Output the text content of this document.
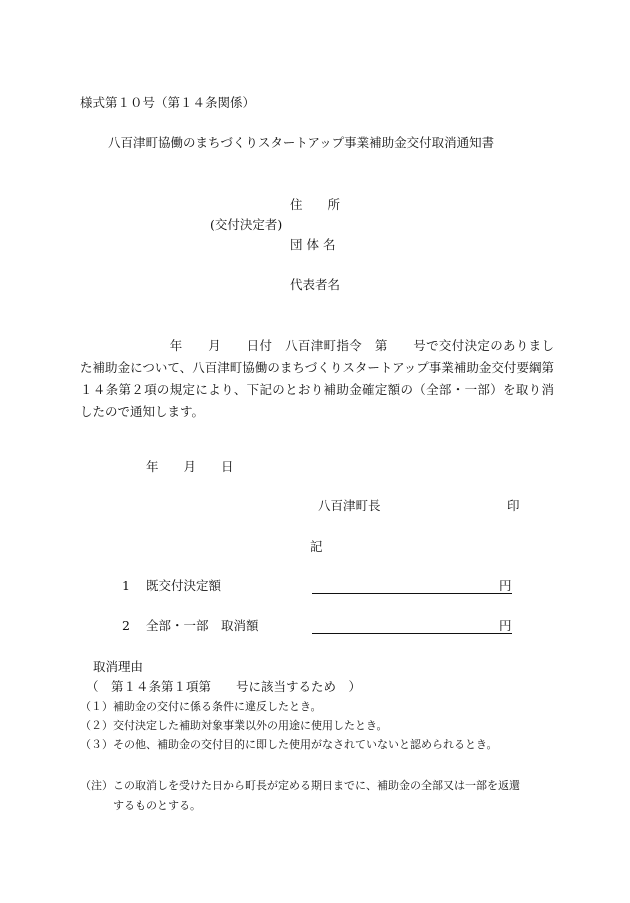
様式第１０号（第１４条関係）
八百津町協働のまちづくりスタートアップ事業補助金交付取消通知書
住　　所
(交付決定者)
団 体 名
代表者名
　　　　　　　年　　月　　日付　八百津町指令　第　　号で交付決定のありました補助金について、八百津町協働のまちづくりスタートアップ事業補助金交付要綱第１４条第２項の規定により、下記のとおり補助金確定額の（全部・一部）を取り消したので通知します。
年　　月　　日
八百津町長	印
記
1 既交付決定額	円
2 全部・一部　取消額	円
取消理由
（　第１４条第１項第　　号に該当するため　）
（１）補助金の交付に係る条件に違反したとき。
（２）交付決定した補助対象事業以外の用途に使用したとき。
（３）その他、補助金の交付目的に即した使用がなされていないと認められるとき。
（注）この取消しを受けた日から町長が定める期日までに、補助金の全部又は一部を返還
するものとする。
